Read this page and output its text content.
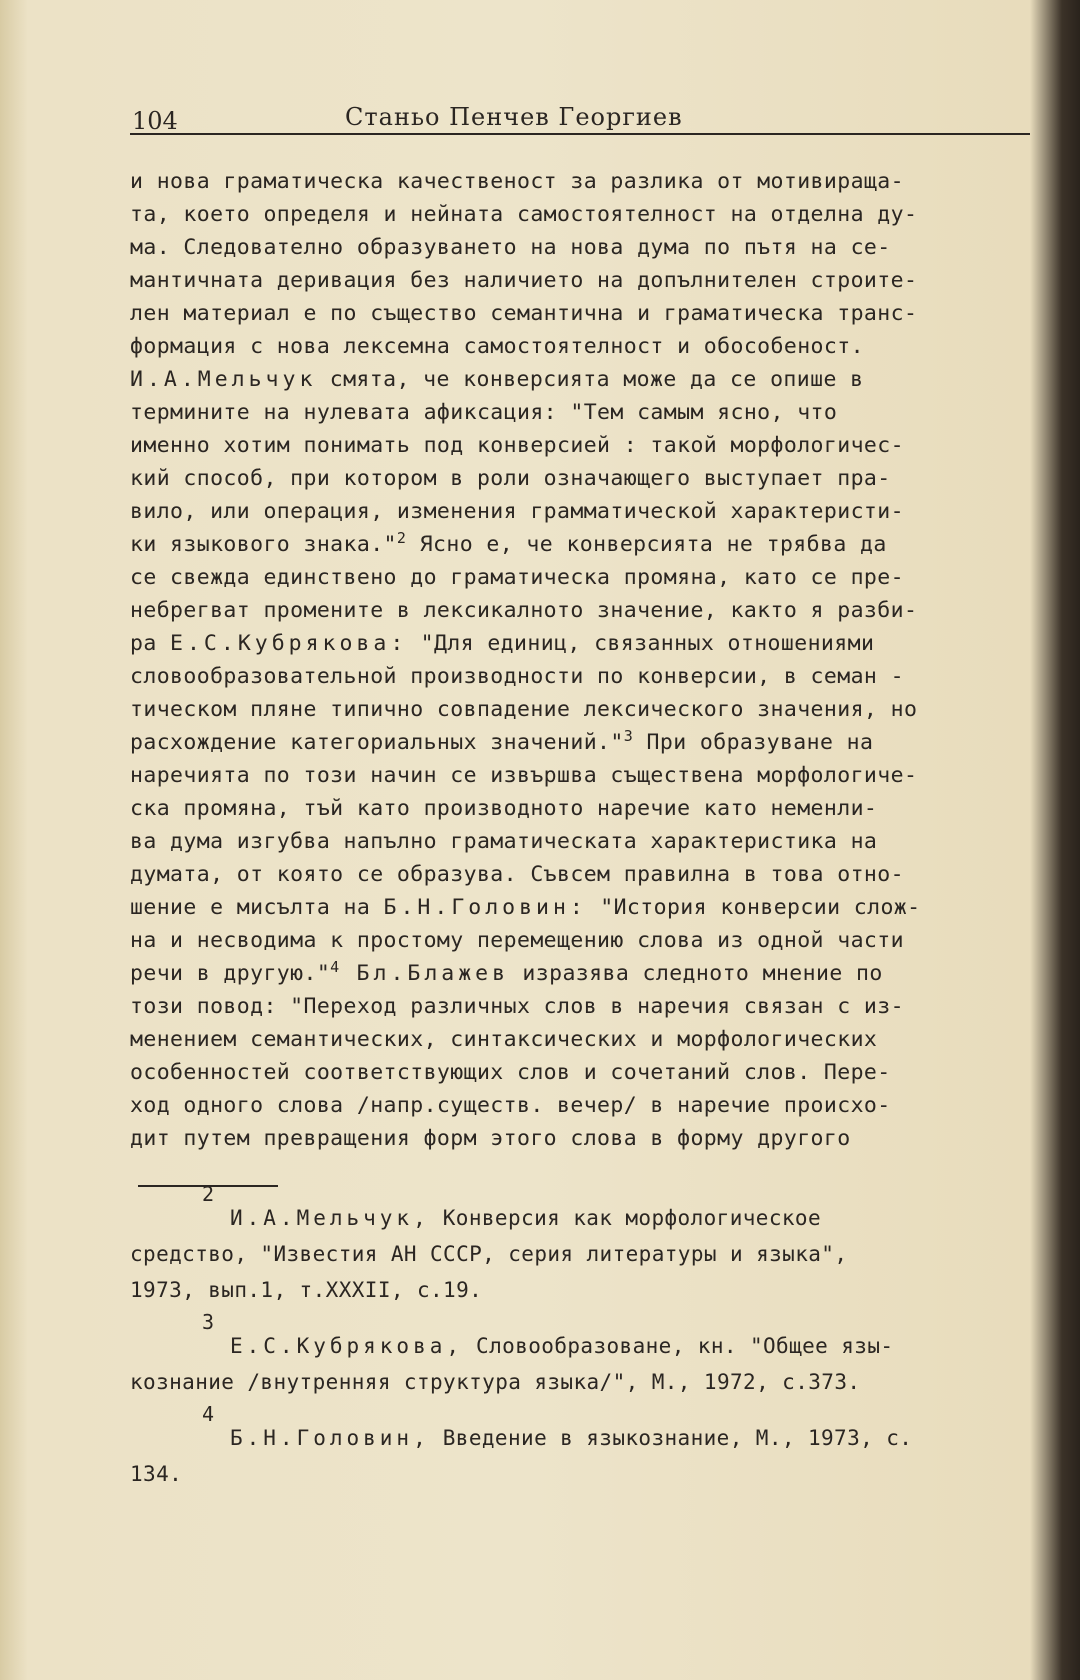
104	Станьо Пенчев Георгиев
и нова граматическа качественост за разлика от мотивираща-
та, което определя и нейната самостоятелност на отделна ду-
ма. Следователно образуването на нова дума по пътя на се-
мантичната деривация без наличието на допълнителен строите-
лен материал е по същество семантична и граматическа транс-
формация с нова лексемна самостоятелност и обособеност.
И.А.Мельчук смята, че конверсията може да се опише в
термините на нулевата афиксация: "Тем самым ясно, что
именно хотим понимать под конверсией : такой морфологичес-
кий способ, при котором в роли означающего выступает пра-
вило, или операция, изменения грамматической характеристи-
ки языкового знака."$^2$ Ясно е, че конверсията не трябва да
се свежда единствено до граматическа промяна, като се пре-
небрегват промените в лексикалното значение, както я разби-
ра Е.С.Кубрякова: "Для единиц, связанных отношениями
словообразовательной производности по конверсии, в семан -
тическом пляне типично совпадение лексического значения, но
расхождение категориальных значений."$^3$ При образуване на
наречията по този начин се извършва съществена морфологиче-
ска промяна, тъй като производното наречие като неменли-
ва дума изгубва напълно граматическата характеристика на
думата, от която се образува. Съвсем правилна в това отно-
шение е мисълта на Б.Н.Головин: "История конверсии слож-
на и несводима к простому перемещению слова из одной части
речи в другую."$^4$ Бл.Блажев изразява следното мнение по
този повод: "Переход различных слов в наречия связан с из-
менением семантических, синтаксических и морфологических
особенностей соответствующих слов и сочетаний слов. Пере-
ход одного слова /напр.существ. вечер/ в наречие происхо-
дит путем превращения форм этого слова в форму другого
2
И.А.Мельчук, Конверсия как морфологическое
средство, "Известия АН СССР, серия литературы и языка",
1973, вып.1, т.XXXII, с.19.
3
Е.С.Кубрякова, Словообразоване, кн. "Общее язы-
кознание /внутренняя структура языка/", М., 1972, с.373.
4
Б.Н.Головин, Введение в языкознание, М., 1973, с.
134.
